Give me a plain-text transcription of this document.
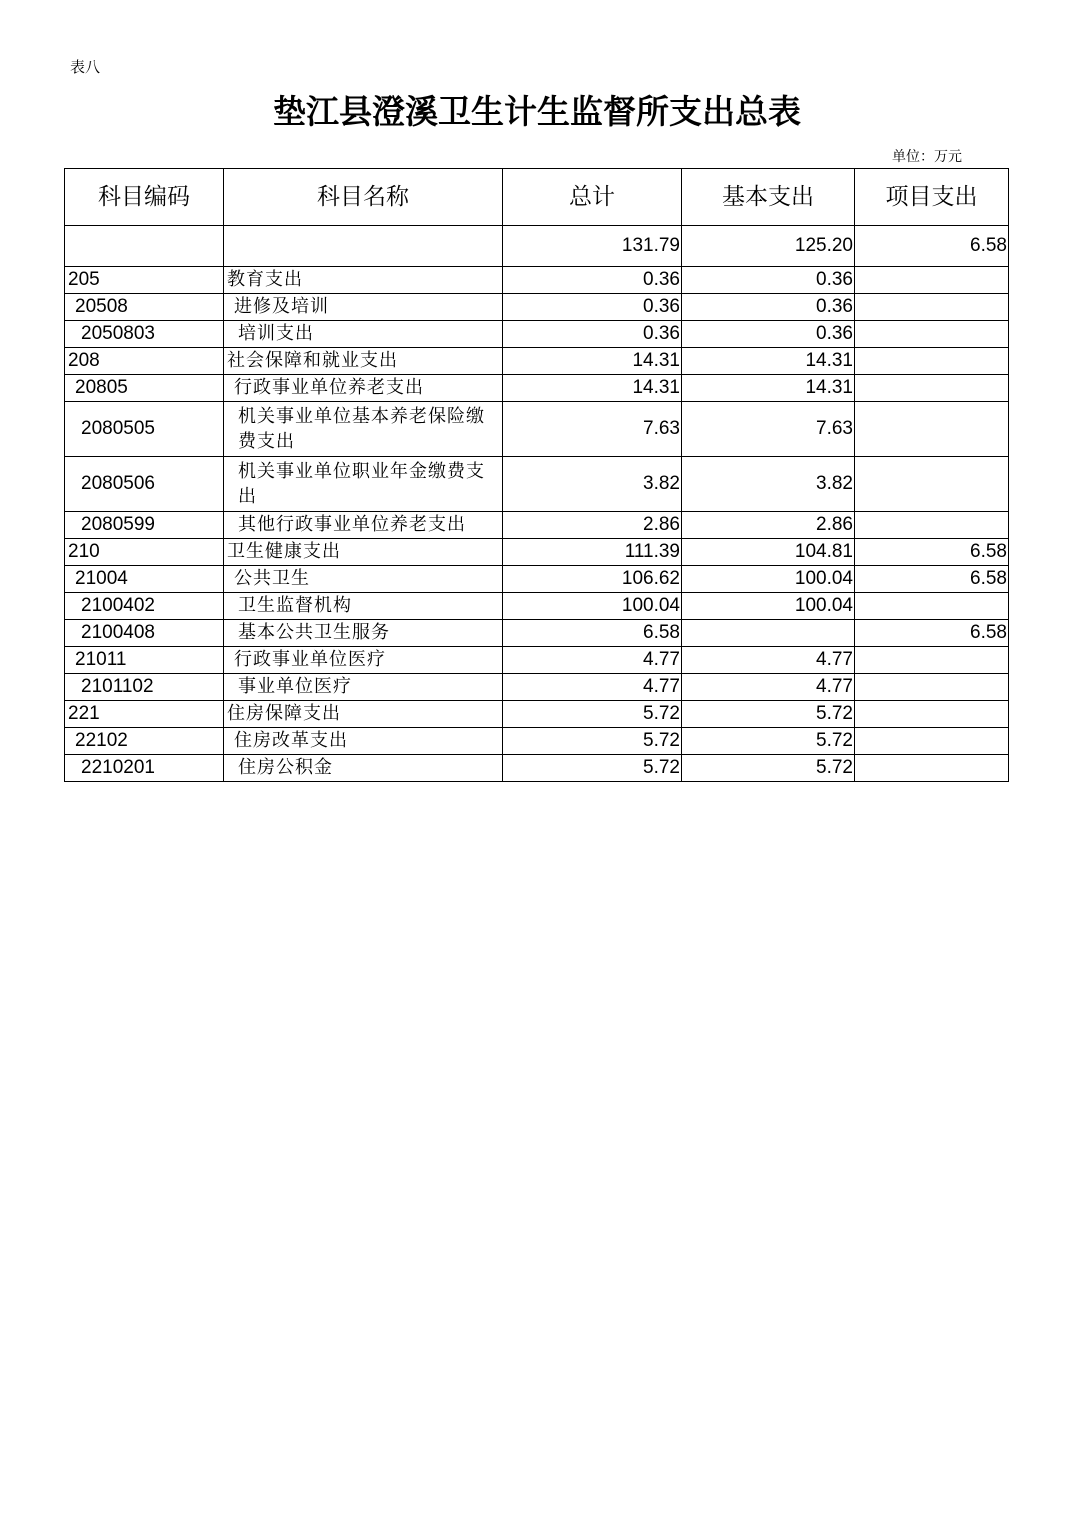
表八
垫江县澄溪卫生计生监督所支出总表
单位：万元
科目编码	科目名称	总计	基本支出	项目支出
		131.79	125.20	6.58
205	教育支出	0.36	0.36	
20508	进修及培训	0.36	0.36	
2050803	培训支出	0.36	0.36	
208	社会保障和就业支出	14.31	14.31	
20805	行政事业单位养老支出	14.31	14.31	
2080505	机关事业单位基本养老保险缴费支出	7.63	7.63	
2080506	机关事业单位职业年金缴费支出	3.82	3.82	
2080599	其他行政事业单位养老支出	2.86	2.86	
210	卫生健康支出	111.39	104.81	6.58
21004	公共卫生	106.62	100.04	6.58
2100402	卫生监督机构	100.04	100.04	
2100408	基本公共卫生服务	6.58		6.58
21011	行政事业单位医疗	4.77	4.77	
2101102	事业单位医疗	4.77	4.77	
221	住房保障支出	5.72	5.72	
22102	住房改革支出	5.72	5.72	
2210201	住房公积金	5.72	5.72	
